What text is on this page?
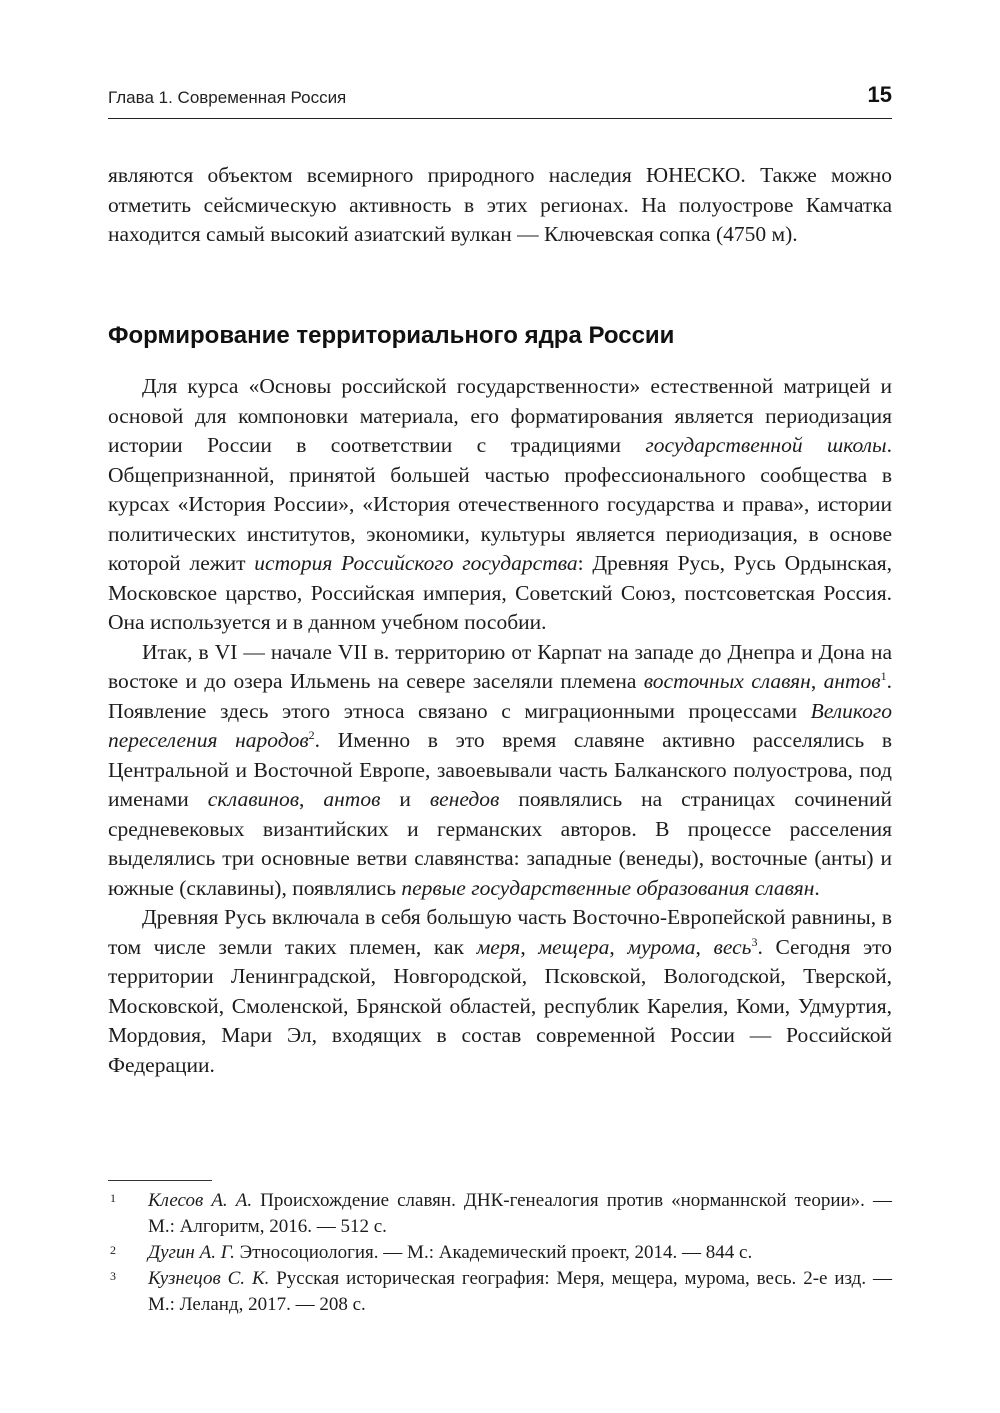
Глава 1. Современная Россия	15

являются объектом всемирного природного наследия ЮНЕСКО. Также можно отметить сейсмическую активность в этих регионах. На полуострове Камчатка находится самый высокий азиатский вулкан — Ключевская сопка (4750 м).

Формирование территориального ядра России

Для курса «Основы российской государственности» естественной матрицей и основой для компоновки материала, его форматирования является периодизация истории России в соответствии с традициями государственной школы. Общепризнанной, принятой большей частью профессионального сообщества в курсах «История России», «История отечественного государства и права», истории политических институтов, экономики, культуры является периодизация, в основе которой лежит история Российского государства: Древняя Русь, Русь Ордынская, Московское царство, Российская империя, Советский Союз, постсоветская Россия. Она используется и в данном учебном пособии.

Итак, в VI — начале VII в. территорию от Карпат на западе до Днепра и Дона на востоке и до озера Ильмень на севере заселяли племена восточных славян, антов$^1$. Появление здесь этого этноса связано с миграционными процессами Великого переселения народов$^2$. Именно в это время славяне активно расселялись в Центральной и Восточной Европе, завоевывали часть Балканского полуострова, под именами склавинов, антов и венедов появлялись на страницах сочинений средневековых византийских и германских авторов. В процессе расселения выделялись три основные ветви славянства: западные (венеды), восточные (анты) и южные (склавины), появлялись первые государственные образования славян.

Древняя Русь включала в себя большую часть Восточно-Европейской равнины, в том числе земли таких племен, как меря, мещера, мурома, весь$^3$. Сегодня это территории Ленинградской, Новгородской, Псковской, Вологодской, Тверской, Московской, Смоленской, Брянской областей, республик Карелия, Коми, Удмуртия, Мордовия, Мари Эл, входящих в состав современной России — Российской Федерации.

1 Клесов А. А. Происхождение славян. ДНК-генеалогия против «норманнской теории». — М.: Алгоритм, 2016. — 512 с.

2 Дугин А. Г. Этносоциология. — М.: Академический проект, 2014. — 844 с.

3 Кузнецов С. К. Русская историческая география: Меря, мещера, мурома, весь. 2-е изд. — М.: Леланд, 2017. — 208 с.
